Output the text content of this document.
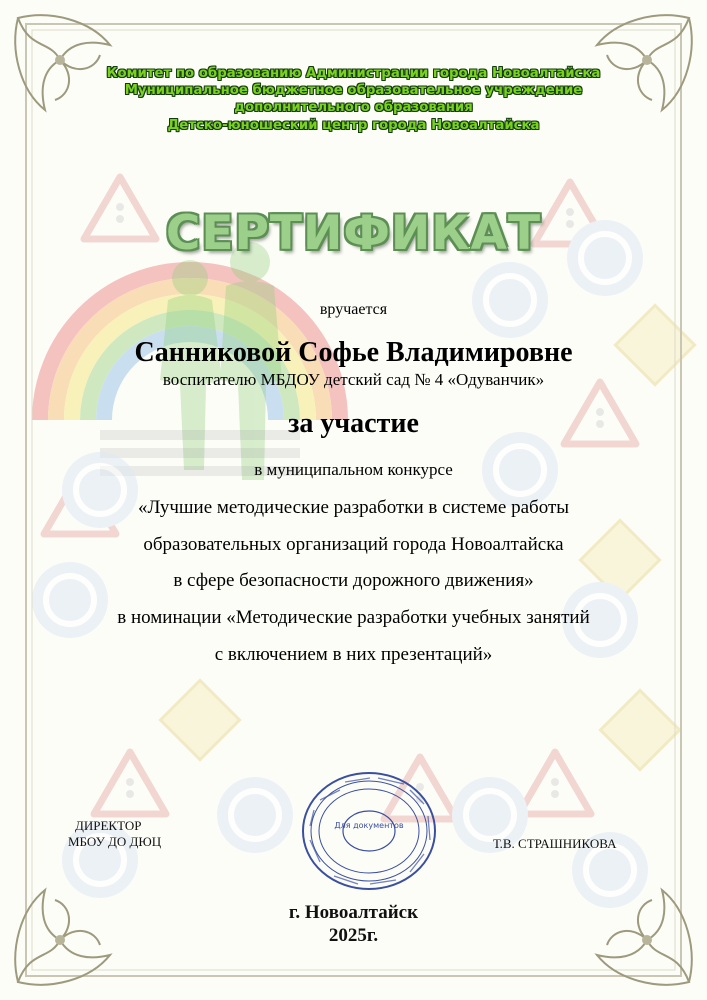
Комитет по образованию Администрации города Новоалтайска
Муниципальное бюджетное образовательное учреждение
дополнительного образования
Детско-юношеский центр города Новоалтайска
СЕРТИФИКАТ
вручается
Санниковой Софье Владимировне
воспитателю МБДОУ детский сад № 4 «Одуванчик»
за участие
в муниципальном конкурсе
«Лучшие методические разработки в системе работы
образовательных организаций города Новоалтайска
в сфере безопасности дорожного движения»
в номинации «Методические разработки учебных занятий
с включением в них презентаций»
ДИРЕКТОР
МБОУ ДО ДЮЦ	Т.В. СТРАШНИКОВА
Для документов
г. Новоалтайск
2025г.
